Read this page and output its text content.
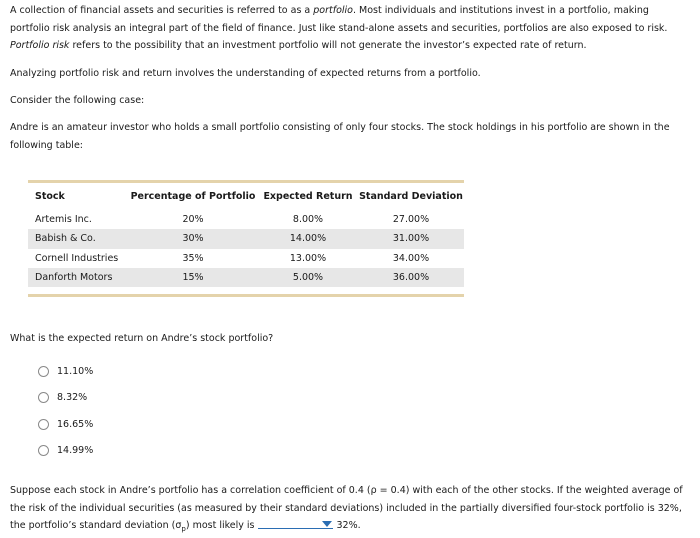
A collection of financial assets and securities is referred to as a portfolio. Most individuals and institutions invest in a portfolio, making portfolio risk analysis an integral part of the field of finance. Just like stand-alone assets and securities, portfolios are also exposed to risk. Portfolio risk refers to the possibility that an investment portfolio will not generate the investor’s expected rate of return.

Analyzing portfolio risk and return involves the understanding of expected returns from a portfolio.

Consider the following case:

Andre is an amateur investor who holds a small portfolio consisting of only four stocks. The stock holdings in his portfolio are shown in the following table:

Stock	Percentage of Portfolio	Expected Return	Standard Deviation
Artemis Inc.	20%	8.00%	27.00%
Babish & Co.	30%	14.00%	31.00%
Cornell Industries	35%	13.00%	34.00%
Danforth Motors	15%	5.00%	36.00%
What is the expected return on Andre’s stock portfolio?
11.10%
8.32%
16.65%
14.99%

Suppose each stock in Andre’s portfolio has a correlation coefficient of 0.4 (ρ = 0.4) with each of the other stocks. If the weighted average of the risk of the individual securities (as measured by their standard deviations) included in the partially diversified four-stock portfolio is 32%, the portfolio’s standard deviation $(\sigma_p)$ most likely is	32%.
